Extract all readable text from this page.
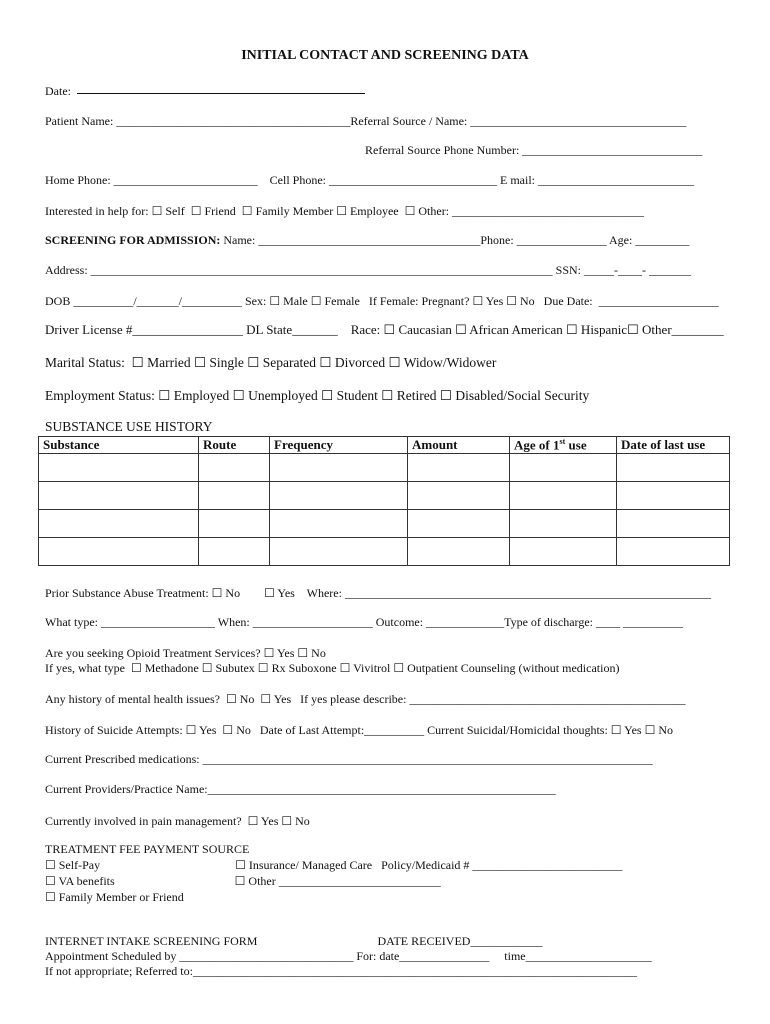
INITIAL CONTACT AND SCREENING DATA
Date:
Patient Name: _______________________________________Referral Source / Name: ____________________________________
Referral Source Phone Number: ______________________________
Home Phone: ________________________    Cell Phone: ____________________________ E mail: __________________________
Interested in help for: ☐ Self  ☐ Friend  ☐ Family Member ☐ Employee  ☐ Other: ________________________________
SCREENING FOR ADMISSION: Name: _____________________________________Phone: _______________ Age: _________
Address: _____________________________________________________________________________ SSN: _____-____- _______
DOB __________/_______/__________ Sex: ☐ Male ☐ Female   If Female: Pregnant? ☐ Yes ☐ No   Due Date:  ____________________
Driver License #_________________ DL State_______    Race: ☐ Caucasian ☐ African American ☐ Hispanic☐ Other________
Marital Status:  ☐ Married ☐ Single ☐ Separated ☐ Divorced ☐ Widow/Widower
Employment Status: ☐ Employed ☐ Unemployed ☐ Student ☐ Retired ☐ Disabled/Social Security
SUBSTANCE USE HISTORY
Substance	Route	Frequency	Amount	Age of 1st use	Date of last use

Prior Substance Abuse Treatment: ☐ No        ☐ Yes    Where: _____________________________________________________________
What type: ___________________ When: ____________________ Outcome: _____________Type of discharge: ____ __________
Are you seeking Opioid Treatment Services? ☐ Yes ☐ No
If yes, what type  ☐ Methadone ☐ Subutex ☐ Rx Suboxone ☐ Vivitrol ☐ Outpatient Counseling (without medication)
Any history of mental health issues?  ☐ No  ☐ Yes   If yes please describe: ______________________________________________
History of Suicide Attempts: ☐ Yes  ☐ No   Date of Last Attempt:__________ Current Suicidal/Homicidal thoughts: ☐ Yes ☐ No
Current Prescribed medications: ___________________________________________________________________________
Current Providers/Practice Name:__________________________________________________________
Currently involved in pain management?  ☐ Yes ☐ No
TREATMENT FEE PAYMENT SOURCE
☐ Self-Pay                                             ☐ Insurance/ Managed Care   Policy/Medicaid # _________________________
☐ VA benefits                                        ☐ Other ___________________________
☐ Family Member or Friend
INTERNET INTAKE SCREENING FORM                                        DATE RECEIVED____________
Appointment Scheduled by _____________________________ For: date_______________     time_____________________
If not appropriate; Referred to:__________________________________________________________________________
